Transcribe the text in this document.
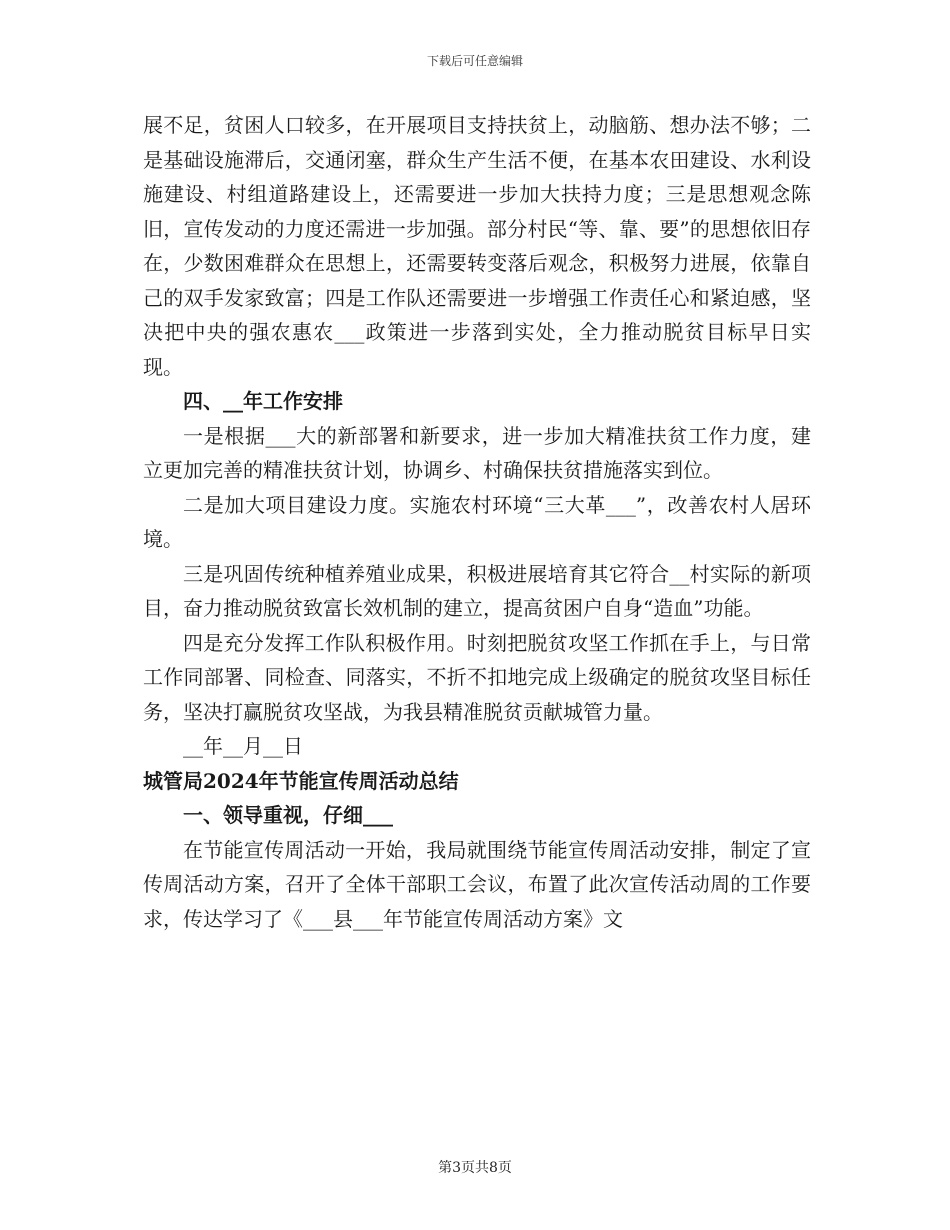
下载后可任意编辑

展不足，贫困人口较多，在开展项目支持扶贫上，动脑筋、想办法不够；二是基础设施滞后，交通闭塞，群众生产生活不便，在基本农田建设、水利设施建设、村组道路建设上，还需要进一步加大扶持力度；三是思想观念陈旧，宣传发动的力度还需进一步加强。部分村民“等、靠、要”的思想依旧存在，少数困难群众在思想上，还需要转变落后观念，积极努力进展，依靠自己的双手发家致富；四是工作队还需要进一步增强工作责任心和紧迫感，坚决把中央的强农惠农___政策进一步落到实处，全力推动脱贫目标早日实现。

四、__年工作安排

一是根据___大的新部署和新要求，进一步加大精准扶贫工作力度，建立更加完善的精准扶贫计划，协调乡、村确保扶贫措施落实到位。

二是加大项目建设力度。实施农村环境“三大革___”，改善农村人居环境。

三是巩固传统种植养殖业成果，积极进展培育其它符合__村实际的新项目，奋力推动脱贫致富长效机制的建立，提高贫困户自身“造血”功能。

四是充分发挥工作队积极作用。时刻把脱贫攻坚工作抓在手上，与日常工作同部署、同检查、同落实，不折不扣地完成上级确定的脱贫攻坚目标任务，坚决打赢脱贫攻坚战，为我县精准脱贫贡献城管力量。

__年__月__日

城管局2024年节能宣传周活动总结

一、领导重视，仔细___

在节能宣传周活动一开始，我局就围绕节能宣传周活动安排，制定了宣传周活动方案，召开了全体干部职工会议，布置了此次宣传活动周的工作要求，传达学习了《___县___年节能宣传周活动方案》文

第3页共8页
